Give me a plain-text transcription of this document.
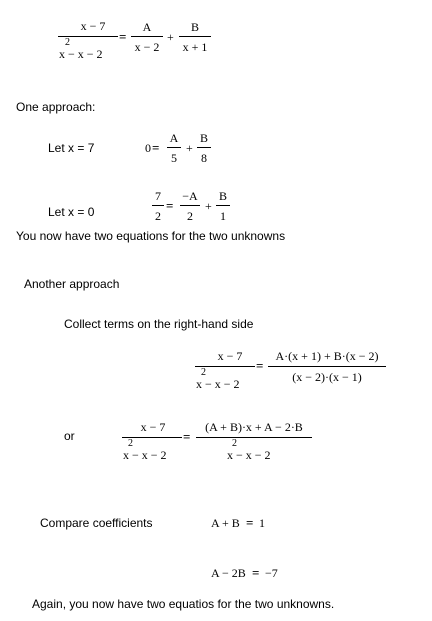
x − 7
2
x − x − 2
=
A
x − 2
+
B
x + 1
One approach:
Let x = 7	0 =
A
5
+
B
8
Let x = 0
7
2
=
−A
2
+
B
1
You now have two equations for the two unknowns
Another approach
Collect terms on the right-hand side
x − 7
2
x − x − 2
=
A·(x + 1) + B·(x − 2)
(x − 2)·(x − 1)
or
x − 7
2
x − x − 2
=
(A + B)·x + A − 2·B
2
x − x − 2
Compare coefficients	A + B = 1
A − 2B = −7
Again, you now have two equatios for the two unknowns.
